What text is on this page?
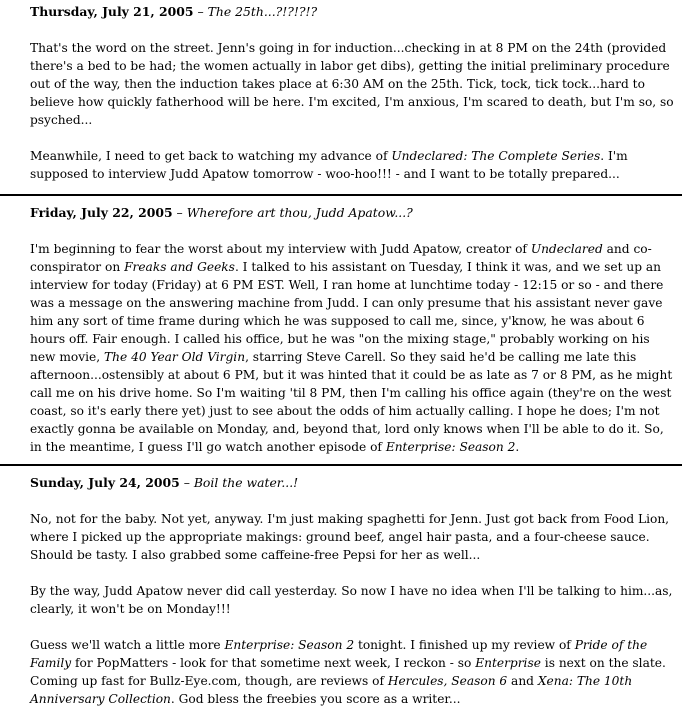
Thursday, July 21, 2005 – The 25th...?!?!?!?

That's the word on the street. Jenn's going in for induction...checking in at 8 PM on the 24th (provided there's a bed to be had; the women actually in labor get dibs), getting the initial preliminary procedure out of the way, then the induction takes place at 6:30 AM on the 25th. Tick, tock, tick tock...hard to believe how quickly fatherhood will be here. I'm excited, I'm anxious, I'm scared to death, but I'm so, so psyched...

Meanwhile, I need to get back to watching my advance of Undeclared: The Complete Series. I'm supposed to interview Judd Apatow tomorrow - woo-hoo!!! - and I want to be totally prepared...

Friday, July 22, 2005 – Wherefore art thou, Judd Apatow...?

I'm beginning to fear the worst about my interview with Judd Apatow, creator of Undeclared and co-conspirator on Freaks and Geeks. I talked to his assistant on Tuesday, I think it was, and we set up an interview for today (Friday) at 6 PM EST. Well, I ran home at lunchtime today - 12:15 or so - and there was a message on the answering machine from Judd. I can only presume that his assistant never gave him any sort of time frame during which he was supposed to call me, since, y'know, he was about 6 hours off. Fair enough. I called his office, but he was "on the mixing stage," probably working on his new movie, The 40 Year Old Virgin, starring Steve Carell. So they said he'd be calling me late this afternoon...ostensibly at about 6 PM, but it was hinted that it could be as late as 7 or 8 PM, as he might call me on his drive home. So I'm waiting 'til 8 PM, then I'm calling his office again (they're on the west coast, so it's early there yet) just to see about the odds of him actually calling. I hope he does; I'm not exactly gonna be available on Monday, and, beyond that, lord only knows when I'll be able to do it. So, in the meantime, I guess I'll go watch another episode of Enterprise: Season 2.

Sunday, July 24, 2005 – Boil the water...!

No, not for the baby. Not yet, anyway. I'm just making spaghetti for Jenn. Just got back from Food Lion, where I picked up the appropriate makings: ground beef, angel hair pasta, and a four-cheese sauce. Should be tasty. I also grabbed some caffeine-free Pepsi for her as well...

By the way, Judd Apatow never did call yesterday. So now I have no idea when I'll be talking to him...as, clearly, it won't be on Monday!!!

Guess we'll watch a little more Enterprise: Season 2 tonight. I finished up my review of Pride of the Family for PopMatters - look for that sometime next week, I reckon - so Enterprise is next on the slate. Coming up fast for Bullz-Eye.com, though, are reviews of Hercules, Season 6 and Xena: The 10th Anniversary Collection. God bless the freebies you score as a writer...
